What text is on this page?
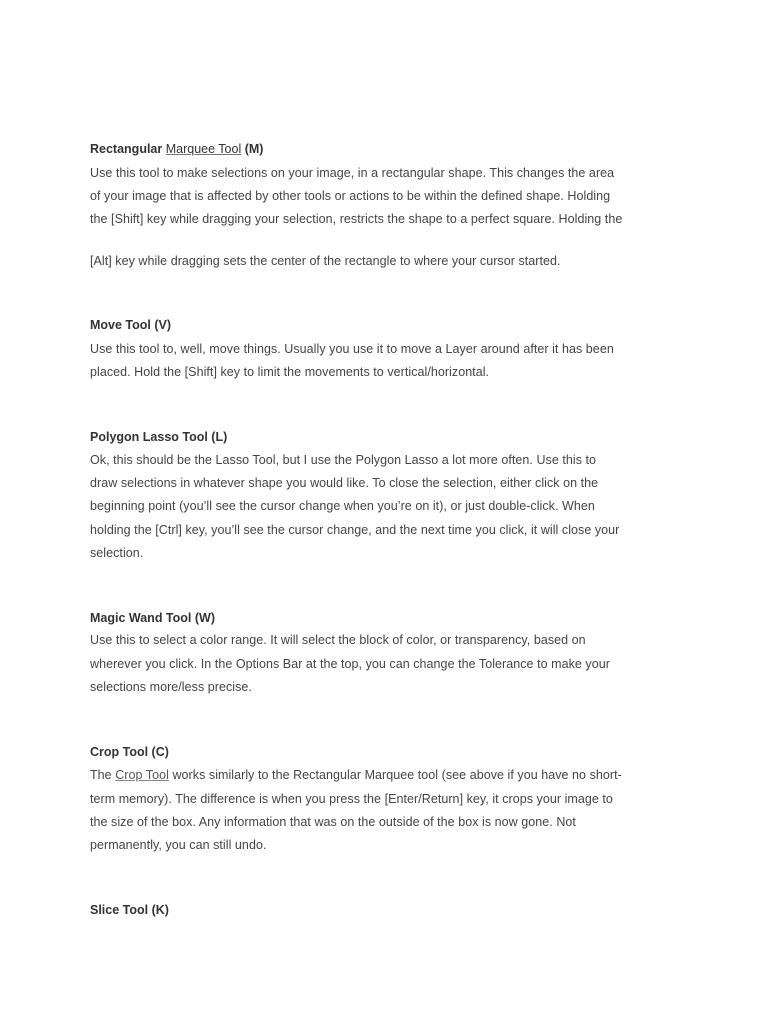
Rectangular Marquee Tool (M)
Use this tool to make selections on your image, in a rectangular shape. This changes the area
of your image that is affected by other tools or actions to be within the defined shape. Holding
the [Shift] key while dragging your selection, restricts the shape to a perfect square. Holding the
[Alt] key while dragging sets the center of the rectangle to where your cursor started.
Move Tool (V)
Use this tool to, well, move things. Usually you use it to move a Layer around after it has been
placed. Hold the [Shift] key to limit the movements to vertical/horizontal.
Polygon Lasso Tool (L)
Ok, this should be the Lasso Tool, but I use the Polygon Lasso a lot more often. Use this to
draw selections in whatever shape you would like. To close the selection, either click on the
beginning point (you’ll see the cursor change when you’re on it), or just double-click. When
holding the [Ctrl] key, you’ll see the cursor change, and the next time you click, it will close your
selection.
Magic Wand Tool (W)
Use this to select a color range. It will select the block of color, or transparency, based on
wherever you click. In the Options Bar at the top, you can change the Tolerance to make your
selections more/less precise.
Crop Tool (C)
The Crop Tool works similarly to the Rectangular Marquee tool (see above if you have no short-
term memory). The difference is when you press the [Enter/Return] key, it crops your image to
the size of the box. Any information that was on the outside of the box is now gone. Not
permanently, you can still undo.
Slice Tool (K)
